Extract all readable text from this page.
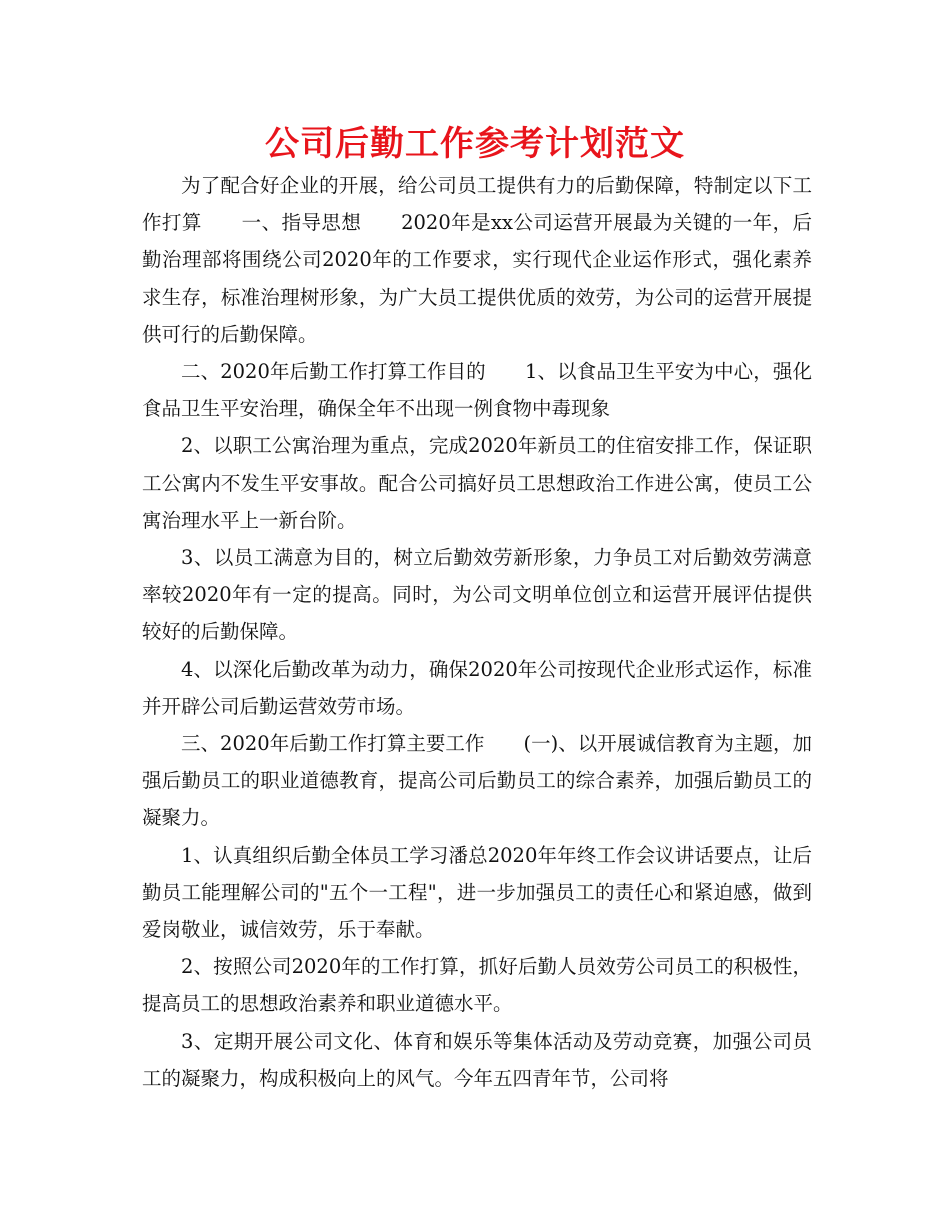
公司后勤工作参考计划范文

为了配合好企业的开展，给公司员工提供有力的后勤保障，特制定以下工作打算　　一、指导思想　　2020年是xx公司运营开展最为关键的一年，后勤治理部将围绕公司2020年的工作要求，实行现代企业运作形式，强化素养求生存，标准治理树形象，为广大员工提供优质的效劳，为公司的运营开展提供可行的后勤保障。

二、2020年后勤工作打算工作目的　　1、以食品卫生平安为中心，强化食品卫生平安治理，确保全年不出现一例食物中毒现象

2、以职工公寓治理为重点，完成2020年新员工的住宿安排工作，保证职工公寓内不发生平安事故。配合公司搞好员工思想政治工作进公寓，使员工公寓治理水平上一新台阶。

3、以员工满意为目的，树立后勤效劳新形象，力争员工对后勤效劳满意率较2020年有一定的提高。同时，为公司文明单位创立和运营开展评估提供较好的后勤保障。

4、以深化后勤改革为动力，确保2020年公司按现代企业形式运作，标准并开辟公司后勤运营效劳市场。

三、2020年后勤工作打算主要工作　　(一)、以开展诚信教育为主题，加强后勤员工的职业道德教育，提高公司后勤员工的综合素养，加强后勤员工的凝聚力。

1、认真组织后勤全体员工学习潘总2020年年终工作会议讲话要点，让后勤员工能理解公司的"五个一工程"，进一步加强员工的责任心和紧迫感，做到爱岗敬业，诚信效劳，乐于奉献。

2、按照公司2020年的工作打算，抓好后勤人员效劳公司员工的积极性，提高员工的思想政治素养和职业道德水平。

3、定期开展公司文化、体育和娱乐等集体活动及劳动竞赛，加强公司员工的凝聚力，构成积极向上的风气。今年五四青年节，公司将
